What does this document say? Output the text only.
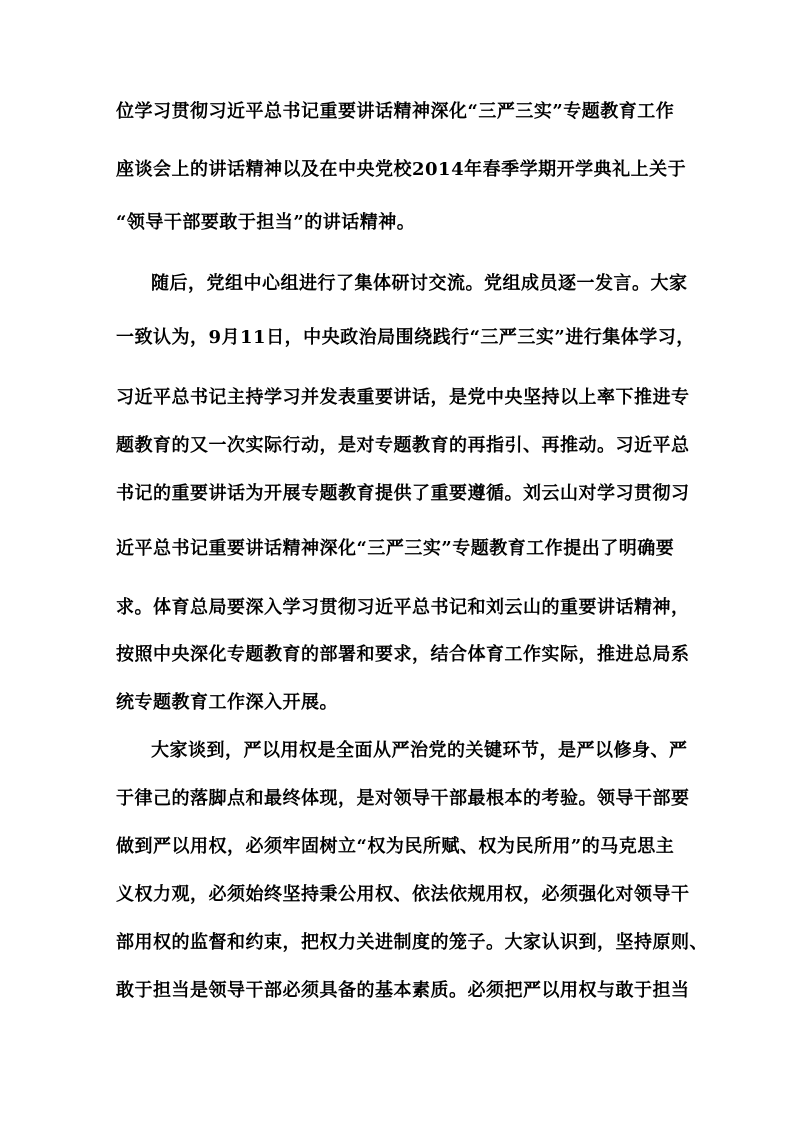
位学习贯彻习近平总书记重要讲话精神深化“三严三实”专题教育工作
座谈会上的讲话精神以及在中央党校2014年春季学期开学典礼上关于
“领导干部要敢于担当”的讲话精神。
随后，党组中心组进行了集体研讨交流。党组成员逐一发言。大家
一致认为，9月11日，中央政治局围绕践行“三严三实”进行集体学习，
习近平总书记主持学习并发表重要讲话，是党中央坚持以上率下推进专
题教育的又一次实际行动，是对专题教育的再指引、再推动。习近平总
书记的重要讲话为开展专题教育提供了重要遵循。刘云山对学习贯彻习
近平总书记重要讲话精神深化“三严三实”专题教育工作提出了明确要
求。体育总局要深入学习贯彻习近平总书记和刘云山的重要讲话精神，
按照中央深化专题教育的部署和要求，结合体育工作实际，推进总局系
统专题教育工作深入开展。
大家谈到，严以用权是全面从严治党的关键环节，是严以修身、严
于律己的落脚点和最终体现，是对领导干部最根本的考验。领导干部要
做到严以用权，必须牢固树立“权为民所赋、权为民所用”的马克思主
义权力观，必须始终坚持秉公用权、依法依规用权，必须强化对领导干
部用权的监督和约束，把权力关进制度的笼子。大家认识到，坚持原则、
敢于担当是领导干部必须具备的基本素质。必须把严以用权与敢于担当
